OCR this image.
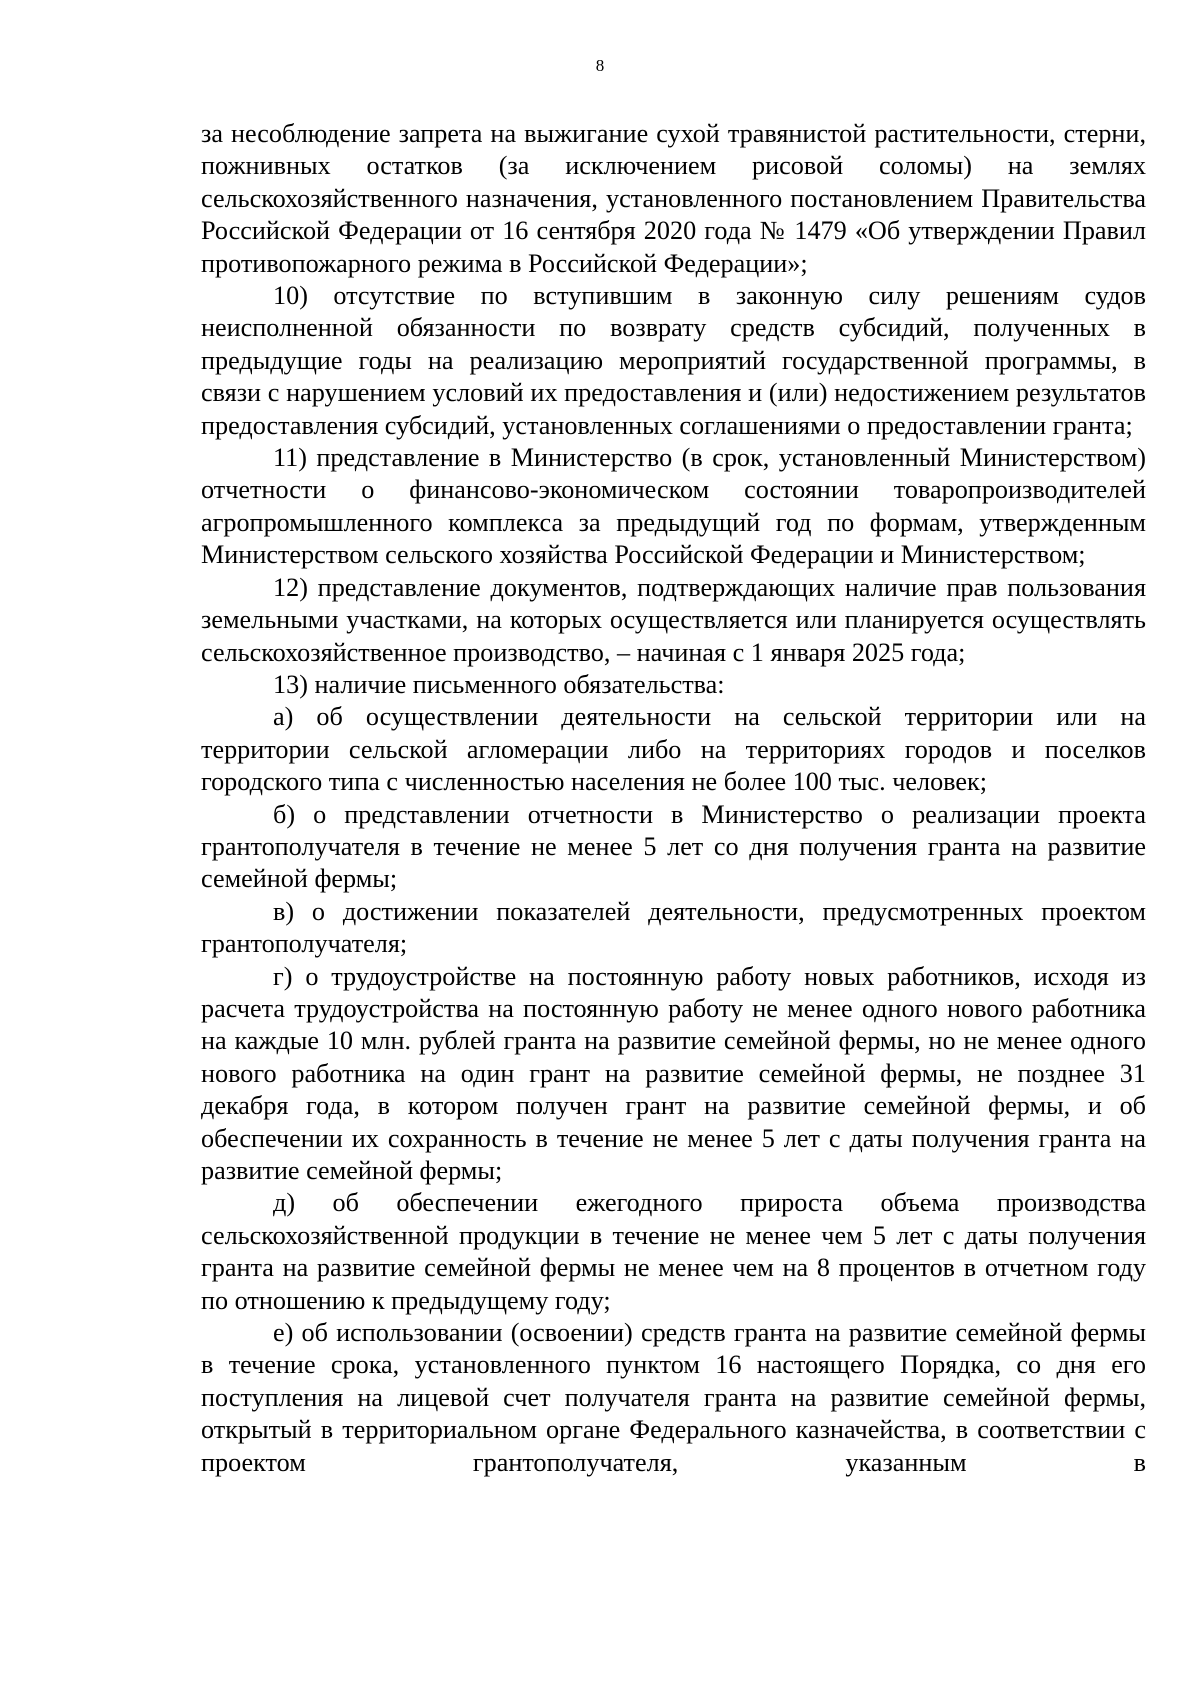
8

за несоблюдение запрета на выжигание сухой травянистой растительности, стерни, пожнивных остатков (за исключением рисовой соломы) на землях сельскохозяйственного назначения, установленного постановлением Правительства Российской Федерации от 16 сентября 2020 года № 1479 «Об утверждении Правил противопожарного режима в Российской Федерации»;

10) отсутствие по вступившим в законную силу решениям судов неисполненной обязанности по возврату средств субсидий, полученных в предыдущие годы на реализацию мероприятий государственной программы, в связи с нарушением условий их предоставления и (или) недостижением результатов предоставления субсидий, установленных соглашениями о предоставлении гранта;

11) представление в Министерство (в срок, установленный Министерством) отчетности о финансово-экономическом состоянии товаропроизводителей агропромышленного комплекса за предыдущий год по формам, утвержденным Министерством сельского хозяйства Российской Федерации и Министерством;

12) представление документов, подтверждающих наличие прав пользования земельными участками, на которых осуществляется или планируется осуществлять сельскохозяйственное производство, – начиная с 1 января 2025 года;

13) наличие письменного обязательства:

а) об осуществлении деятельности на сельской территории или на территории сельской агломерации либо на территориях городов и поселков городского типа с численностью населения не более 100 тыс. человек;

б) о представлении отчетности в Министерство о реализации проекта грантополучателя в течение не менее 5 лет со дня получения гранта на развитие семейной фермы;

в) о достижении показателей деятельности, предусмотренных проектом грантополучателя;

г) о трудоустройстве на постоянную работу новых работников, исходя из расчета трудоустройства на постоянную работу не менее одного нового работника на каждые 10 млн. рублей гранта на развитие семейной фермы, но не менее одного нового работника на один грант на развитие семейной фермы, не позднее 31 декабря года, в котором получен грант на развитие семейной фермы, и об обеспечении их сохранность в течение не менее 5 лет с даты получения гранта на развитие семейной фермы;

д) об обеспечении ежегодного прироста объема производства сельскохозяйственной продукции в течение не менее чем 5 лет с даты получения гранта на развитие семейной фермы не менее чем на 8 процентов в отчетном году по отношению к предыдущему году;

е) об использовании (освоении) средств гранта на развитие семейной фермы в течение срока, установленного пунктом 16 настоящего Порядка, со дня его поступления на лицевой счет получателя гранта на развитие семейной фермы, открытый в территориальном органе Федерального казначейства, в соответствии с проектом грантополучателя, указанным в
